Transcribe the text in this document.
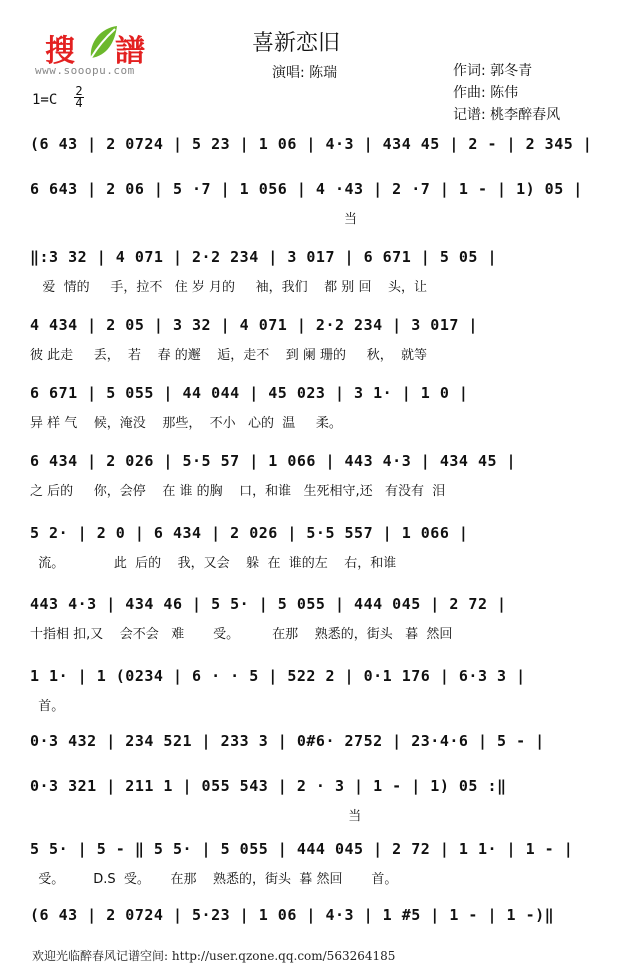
搜 譜
www.sooopu.com
喜新恋旧
演唱: 陈瑞	作词: 郭冬青
作曲: 陈伟
记谱: 桃李醉春风
1=C
2
4
(6 43 | 2 0724 | 5 23 | 1 06 | 4·3 | 434 45 | 2 - | 2 345 |
6 643 | 2 06 | 5 ·7 | 1 056 | 4 ·43 | 2 ·7 | 1 - | 1) 05 |
当
‖:3 32 | 4 071 | 2·2 234 | 3 017 | 6 671 | 5 05 |
爱  情的     手，拉不   住 岁 月的     袖，我们    都 别 回    头，让
4 434 | 2 05 | 3 32 | 4 071 | 2·2 234 | 3 017 |
彼 此走     丢，  若    春 的邂    逅，走不    到 阑 珊的     秋，  就等
6 671 | 5 055 | 44 044 | 45 023 | 3 1· | 1 0 |
异 样 气    候，淹没    那些，  不小   心的  温     柔。
6 434 | 2 026 | 5·5 57 | 1 066 | 443 4·3 | 434 45 |
之 后的     你，会停    在 谁 的胸    口，和谁   生死相守,还   有没有  泪
5 2· | 2 0 | 6 434 | 2 026 | 5·5 557 | 1 066 |
流。            此  后的    我，又会    躲  在  谁的左    右，和谁
443 4·3 | 434 46 | 5 5· | 5 055 | 444 045 | 2 72 |
十指相 扣,又    会不会   难       受。        在那    熟悉的，街头   暮  然回
1 1· | 1 (0234 | 6 · · 5 | 522 2 | 0·1 176 | 6·3 3 |
首。
0·3 432 | 234 521 | 233 3 | 0#6· 2752 | 23·4·6 | 5 - |
0·3 321 | 211 1 | 055 543 | 2 · 3 | 1 - | 1) 05 :‖
当
5 5· | 5 - ‖ 5 5· | 5 055 | 444 045 | 2 72 | 1 1· | 1 - |
受。       D.S  受。     在那    熟悉的，街头  暮 然回       首。
(6 43 | 2 0724 | 5·23 | 1 06 | 4·3 | 1 #5 | 1 - | 1 -)‖
欢迎光临醉春风记谱空间: http://user.qzone.qq.com/563264185
